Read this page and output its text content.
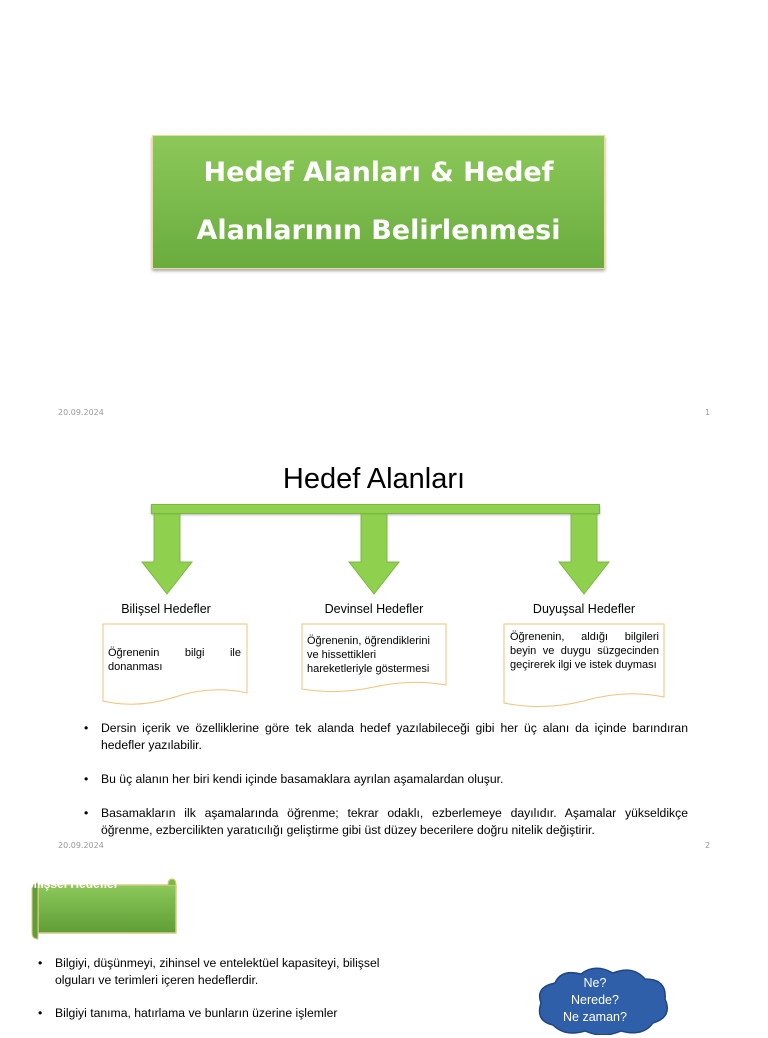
Hedef Alanları & Hedef
Alanlarının Belirlenmesi
20.09.2024	1
Hedef Alanları
Bilişsel Hedefler	Devinsel Hedefler	Duyuşsal Hedefler
Öğrenenin bilgi ile donanması
Öğrenenin, öğrendiklerini ve hissettikleri hareketleriyle göstermesi
Öğrenenin, aldığı bilgileri beyin ve duygu süzgecinden geçirerek ilgi ve istek duyması
• Dersin içerik ve özelliklerine göre tek alanda hedef yazılabileceği gibi her üç alanı da içinde barındıran hedefler yazılabilir.
• Bu üç alanın her biri kendi içinde basamaklara ayrılan aşamalardan oluşur.
• Basamakların ilk aşamalarında öğrenme; tekrar odaklı, ezberlemeye dayılıdır. Aşamalar yükseldikçe öğrenme, ezbercilikten yaratıcılığı geliştirme gibi üst düzey becerilere doğru nitelik değiştirir.
20.09.2024	2
Bilişsel Hedefler
• Bilgiyi, düşünmeyi, zihinsel ve entelektüel kapasiteyi, bilişsel olguları ve terimleri içeren hedeflerdir.
• Bilgiyi tanıma, hatırlama ve bunların üzerine işlemler
Ne?
Nerede?
Ne zaman?
